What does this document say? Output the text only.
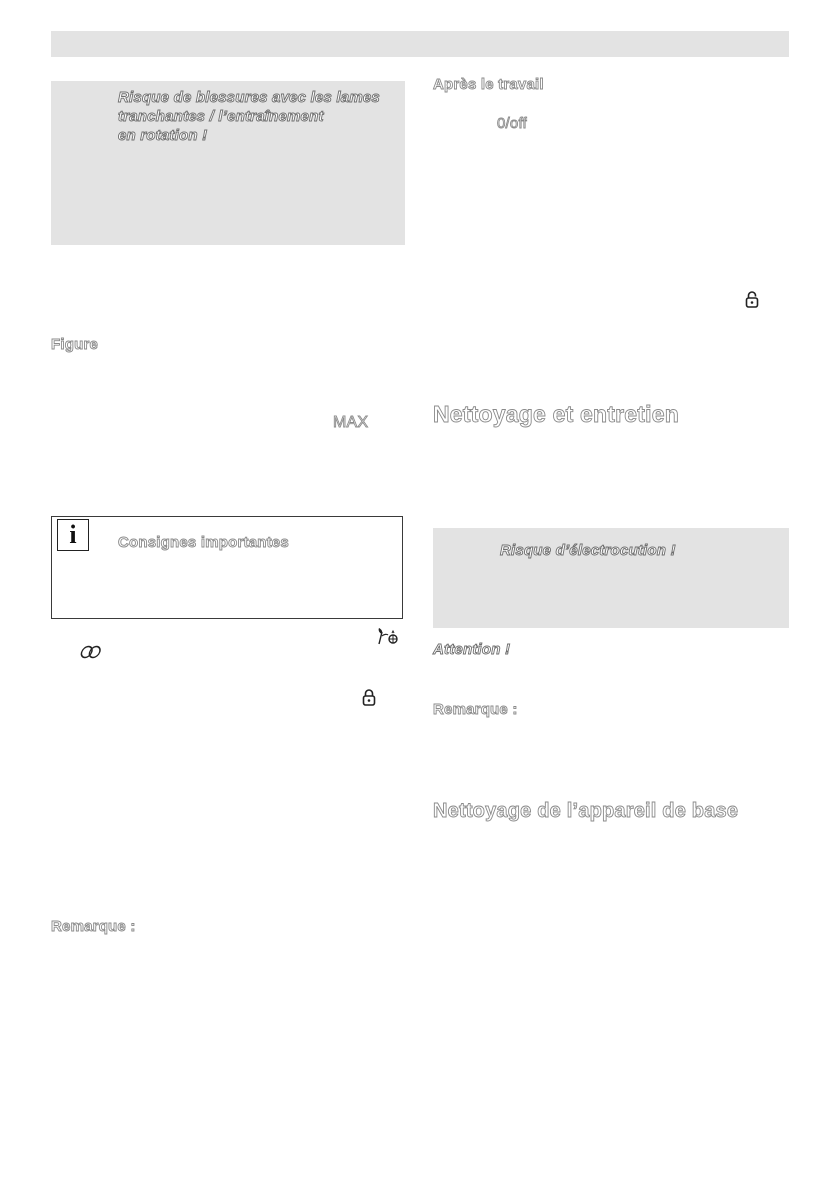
Risque de blessures avec les lames
tranchantes / l’entraînement
en rotation !
Figure
MAX
i	Consignes importantes
Remarque :
Après le travail
0/off
Nettoyage et entretien
Risque d’électrocution !
Attention !
Remarque :
Nettoyage de l’appareil de base
